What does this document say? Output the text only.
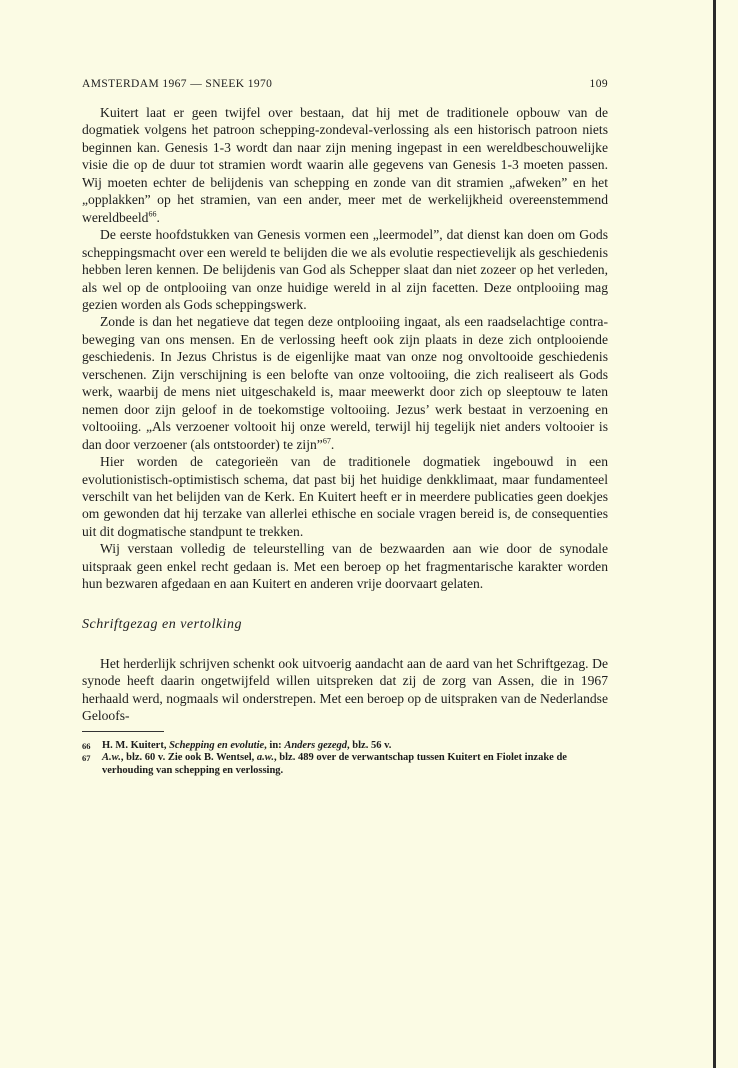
AMSTERDAM 1967 — SNEEK 1970	109

Kuitert laat er geen twijfel over bestaan, dat hij met de traditionele opbouw van de dogmatiek volgens het patroon schepping-zondeval-verlossing als een historisch patroon niets beginnen kan. Genesis 1-3 wordt dan naar zijn mening ingepast in een wereldbeschouwelijke visie die op de duur tot stramien wordt waarin alle gegevens van Genesis 1-3 moeten passen. Wij moeten echter de belijdenis van schepping en zonde van dit stramien „afweken” en het „opplakken” op het stramien, van een ander, meer met de werkelijkheid overeenstemmend wereldbeeld$^{66}$.

De eerste hoofdstukken van Genesis vormen een „leermodel”, dat dienst kan doen om Gods scheppingsmacht over een wereld te belijden die we als evolutie respectievelijk als geschiedenis hebben leren kennen. De belijdenis van God als Schepper slaat dan niet zozeer op het verleden, als wel op de ontplooiing van onze huidige wereld in al zijn facetten. Deze ontplooiing mag gezien worden als Gods scheppingswerk.

Zonde is dan het negatieve dat tegen deze ontplooiing ingaat, als een raadselachtige contra-beweging van ons mensen. En de verlossing heeft ook zijn plaats in deze zich ontplooiende geschiedenis. In Jezus Christus is de eigenlijke maat van onze nog onvoltooide geschiedenis verschenen. Zijn verschijning is een belofte van onze voltooiing, die zich realiseert als Gods werk, waarbij de mens niet uitgeschakeld is, maar meewerkt door zich op sleeptouw te laten nemen door zijn geloof in de toekomstige voltooiing. Jezus’ werk bestaat in verzoening en voltooiing. „Als verzoener voltooit hij onze wereld, terwijl hij tegelijk niet anders voltooier is dan door verzoener (als ontstoorder) te zijn”$^{67}$.

Hier worden de categorieën van de traditionele dogmatiek ingebouwd in een evolutionistisch-optimistisch schema, dat past bij het huidige denkklimaat, maar fundamenteel verschilt van het belijden van de Kerk. En Kuitert heeft er in meerdere publicaties geen doekjes om gewonden dat hij terzake van allerlei ethische en sociale vragen bereid is, de consequenties uit dit dogmatische standpunt te trekken.

Wij verstaan volledig de teleurstelling van de bezwaarden aan wie door de synodale uitspraak geen enkel recht gedaan is. Met een beroep op het fragmentarische karakter worden hun bezwaren afgedaan en aan Kuitert en anderen vrije doorvaart gelaten.

Schriftgezag en vertolking

Het herderlijk schrijven schenkt ook uitvoerig aandacht aan de aard van het Schriftgezag. De synode heeft daarin ongetwijfeld willen uitspreken dat zij de zorg van Assen, die in 1967 herhaald werd, nogmaals wil onderstrepen. Met een beroep op de uitspraken van de Nederlandse Geloofs-

66	H. M. Kuitert, Schepping en evolutie, in: Anders gezegd, blz. 56 v.
67	A.w., blz. 60 v. Zie ook B. Wentsel, a.w., blz. 489 over de verwantschap tussen Kuitert en Fiolet inzake de verhouding van schepping en verlossing.
